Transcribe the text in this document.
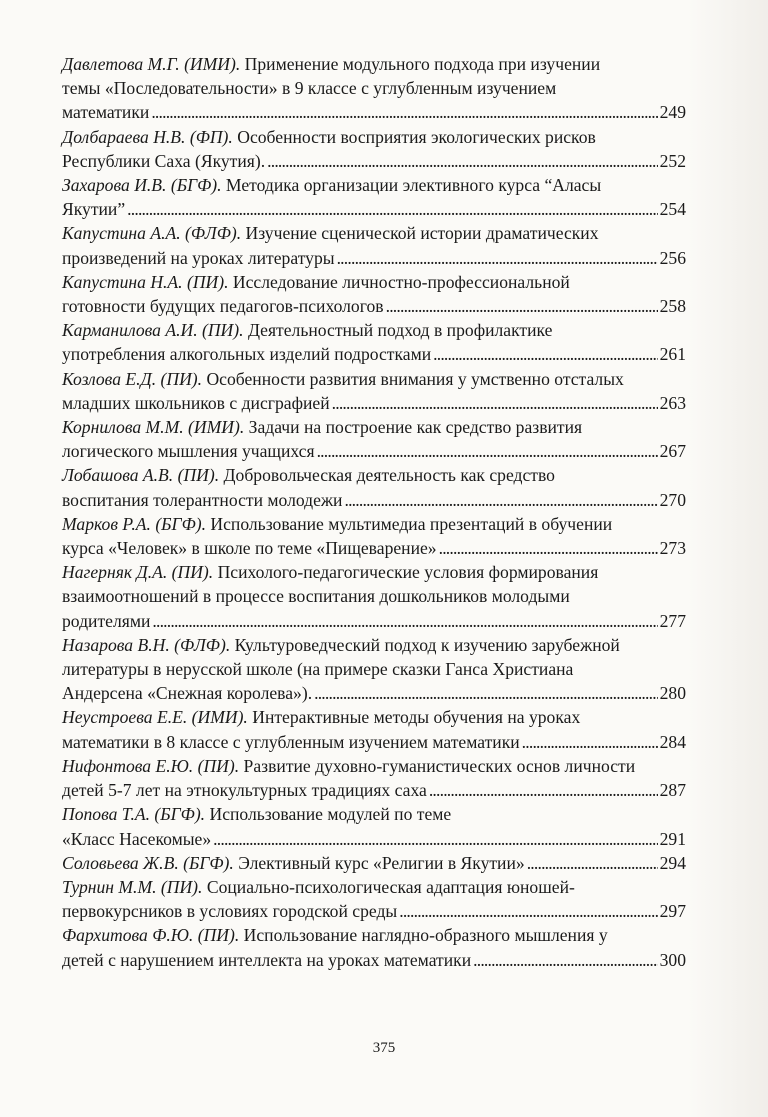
Давлетова М.Г. (ИМИ). Применение модульного подхода при изучении
темы «Последовательности» в 9 классе с углубленным изучением
математики . . .	249
Долбараева Н.В. (ФП). Особенности восприятия экологических рисков
Республики Саха (Якутия). . . .	252
Захарова И.В. (БГФ). Методика организации элективного курса “Аласы
Якутии” . . .	254
Капустина А.А. (ФЛФ). Изучение сценической истории драматических
произведений на уроках литературы . . .	256
Капустина Н.А. (ПИ). Исследование личностно-профессиональной
готовности будущих педагогов-психологов . . .	258
Карманилова А.И. (ПИ). Деятельностный подход в профилактике
употребления алкогольных изделий подростками . . .	261
Козлова Е.Д. (ПИ). Особенности развития внимания у умственно отсталых
младших школьников с дисграфией . . .	263
Корнилова М.М. (ИМИ). Задачи на построение как средство развития
логического мышления учащихся . . .	267
Лобашова А.В. (ПИ). Добровольческая деятельность как средство
воспитания толерантности молодежи . . .	270
Марков Р.А. (БГФ). Использование мультимедиа презентаций в обучении
курса «Человек» в школе по теме «Пищеварение» . . .	273
Нагерняк Д.А. (ПИ). Психолого-педагогические условия формирования
взаимоотношений в процессе воспитания дошкольников молодыми
родителями . . .	277
Назарова В.Н. (ФЛФ). Культуроведческий подход к изучению зарубежной
литературы в нерусской школе (на примере сказки Ганса Христиана
Андерсена «Снежная королева»). . . .	280
Неустроева Е.Е. (ИМИ). Интерактивные методы обучения на уроках
математики в 8 классе с углубленным изучением математики . . .	284
Нифонтова Е.Ю. (ПИ). Развитие духовно-гуманистических основ личности
детей 5-7 лет на этнокультурных традициях саха . . .	287
Попова Т.А. (БГФ). Использование модулей по теме
«Класс Насекомые» . . .	291
Соловьева Ж.В. (БГФ). Элективный курс «Религии в Якутии» . . .	294
Турнин М.М. (ПИ). Социально-психологическая адаптация юношей-
первокурсников в условиях городской среды . . .	297
Фархитова Ф.Ю. (ПИ). Использование наглядно-образного мышления у
детей с нарушением интеллекта на уроках математики . . .	300
375
